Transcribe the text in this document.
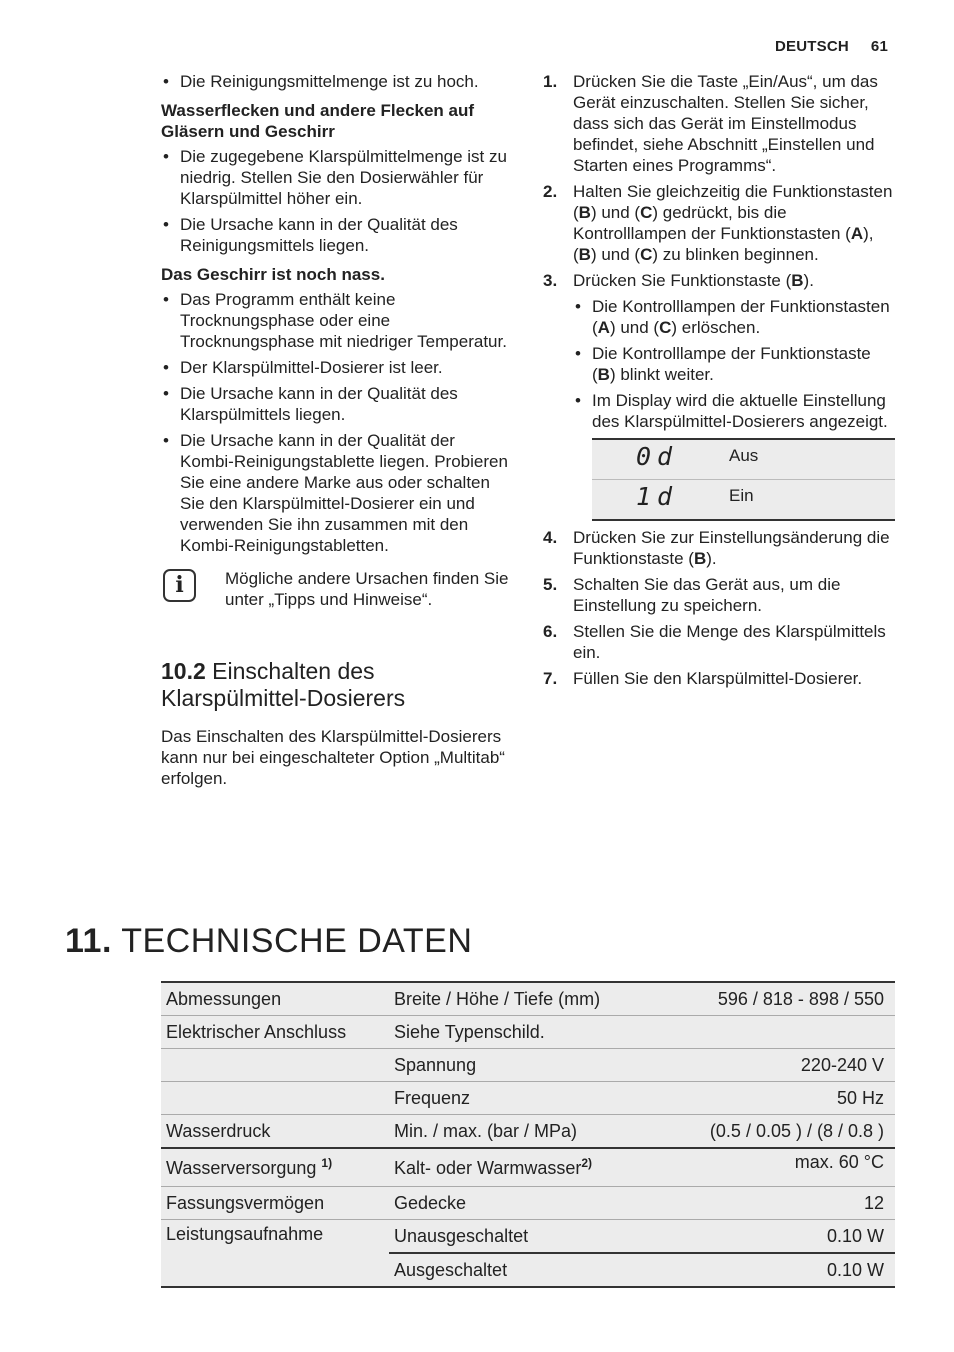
DEUTSCH 61
• Die Reinigungsmittelmenge ist zu hoch.
Wasserflecken und andere Flecken auf Gläsern und Geschirr
• Die zugegebene Klarspülmittelmenge ist zu niedrig. Stellen Sie den Dosierwähler für Klarspülmittel höher ein.
• Die Ursache kann in der Qualität des Reinigungsmittels liegen.
Das Geschirr ist noch nass.
• Das Programm enthält keine Trocknungsphase oder eine Trocknungsphase mit niedriger Temperatur.
• Der Klarspülmittel-Dosierer ist leer.
• Die Ursache kann in der Qualität des Klarspülmittels liegen.
• Die Ursache kann in der Qualität der Kombi-Reinigungstablette liegen. Probieren Sie eine andere Marke aus oder schalten Sie den Klarspülmittel-Dosierer ein und verwenden Sie ihn zusammen mit den Kombi-Reinigungstabletten.
i	Mögliche andere Ursachen finden Sie unter „Tipps und Hinweise“.
10.2 Einschalten des Klarspülmittel-Dosierers
Das Einschalten des Klarspülmittel-Dosierers kann nur bei eingeschalteter Option „Multitab“ erfolgen.
1. Drücken Sie die Taste „Ein/Aus“, um das Gerät einzuschalten. Stellen Sie sicher, dass sich das Gerät im Einstellmodus befindet, siehe Abschnitt „Einstellen und Starten eines Programms“.
2. Halten Sie gleichzeitig die Funktionstasten (B) und (C) gedrückt, bis die Kontrolllampen der Funktionstasten (A), (B) und (C) zu blinken beginnen.
3. Drücken Sie Funktionstaste (B).
• Die Kontrolllampen der Funktionstasten (A) und (C) erlöschen.
• Die Kontrolllampe der Funktionstaste (B) blinkt weiter.
• Im Display wird die aktuelle Einstellung des Klarspülmittel-Dosierers angezeigt.
0d	Aus
1d	Ein
4. Drücken Sie zur Einstellungsänderung die Funktionstaste (B).
5. Schalten Sie das Gerät aus, um die Einstellung zu speichern.
6. Stellen Sie die Menge des Klarspülmittels ein.
7. Füllen Sie den Klarspülmittel-Dosierer.
11. TECHNISCHE DATEN
Abmessungen	Breite / Höhe / Tiefe (mm)	596 / 818 - 898 / 550
Elektrischer Anschluss	Siehe Typenschild.	
	Spannung	220-240 V
	Frequenz	50 Hz
Wasserdruck	Min. / max. (bar / MPa)	(0.5 / 0.05 ) / (8 / 0.8 )
Wasserversorgung $^{1)}$	Kalt- oder Warmwasser$^{2)}$	max. 60 °C
Fassungsvermögen	Gedecke	12
Leistungsaufnahme	Unausgeschaltet	0.10 W
	Ausgeschaltet	0.10 W
